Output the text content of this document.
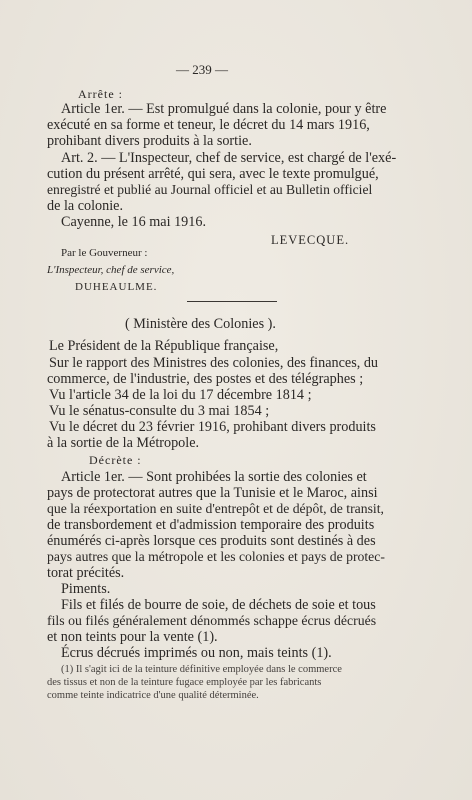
— 239 —
Arrête :
Article 1er. — Est promulgué dans la colonie, pour y être
exécuté en sa forme et teneur, le décret du 14 mars 1916,
prohibant divers produits à la sortie.
Art. 2. — L'Inspecteur, chef de service, est chargé de l'exé-
cution du présent arrêté, qui sera, avec le texte promulgué,
enregistré et publié au Journal officiel et au Bulletin officiel
de la colonie.
Cayenne, le 16 mai 1916.
LEVECQUE.
Par le Gouverneur :
L'Inspecteur, chef de service,
DUHEAULME.
( Ministère des Colonies ).
Le Président de la République française,
Sur le rapport des Ministres des colonies, des finances, du
commerce, de l'industrie, des postes et des télégraphes ;
Vu l'article 34 de la loi du 17 décembre 1814 ;
Vu le sénatus-consulte du 3 mai 1854 ;
Vu le décret du 23 février 1916, prohibant divers produits
à la sortie de la Métropole.
Décrète :
Article 1er. — Sont prohibées la sortie des colonies et
pays de protectorat autres que la Tunisie et le Maroc, ainsi
que la réexportation en suite d'entrepôt et de dépôt, de transit,
de transbordement et d'admission temporaire des produits
énumérés ci-après lorsque ces produits sont destinés à des
pays autres que la métropole et les colonies et pays de protec-
torat précités.
Piments.
Fils et filés de bourre de soie, de déchets de soie et tous
fils ou filés généralement dénommés schappe écrus décrués
et non teints pour la vente (1).
Écrus décrués imprimés ou non, mais teints (1).
(1) Il s'agit ici de la teinture définitive employée dans le commerce
des tissus et non de la teinture fugace employée par les fabricants
comme teinte indicatrice d'une qualité déterminée.
